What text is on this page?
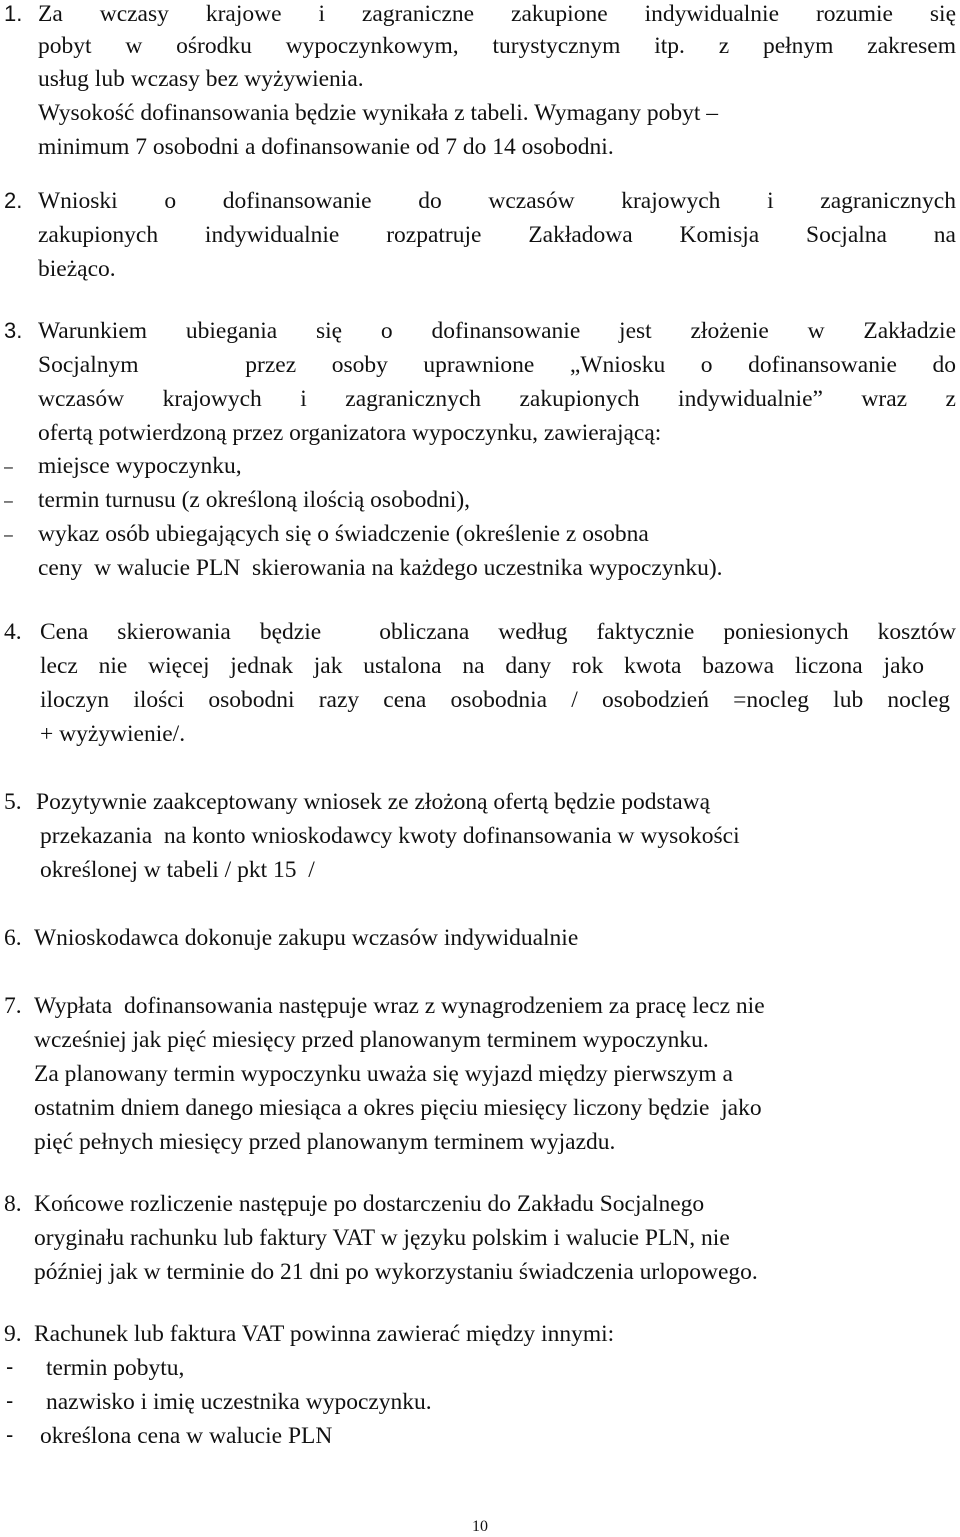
1. Za wczasy krajowe i zagraniczne zakupione indywidualnie rozumie się
pobyt w ośrodku wypoczynkowym, turystycznym itp. z pełnym zakresem
usług lub wczasy bez wyżywienia.
Wysokość dofinansowania będzie wynikała z tabeli. Wymagany pobyt –
minimum 7 osobodni a dofinansowanie od 7 do 14 osobodni.
2. Wnioski o dofinansowanie do wczasów krajowych i zagranicznych
zakupionych indywidualnie rozpatruje Zakładowa Komisja Socjalna na
bieżąco.
3. Warunkiem ubiegania się o dofinansowanie jest złożenie w Zakładzie
Socjalnym   przez osoby uprawnione „Wniosku o dofinansowanie do
wczasów krajowych i zagranicznych zakupionych indywidualnie” wraz z
ofertą potwierdzoną przez organizatora wypoczynku, zawierającą:
– miejsce wypoczynku,
– termin turnusu (z określoną ilością osobodni),
– wykaz osób ubiegających się o świadczenie (określenie z osobna
ceny  w walucie PLN  skierowania na każdego uczestnika wypoczynku).
4. Cena skierowania będzie  obliczana według faktycznie poniesionych kosztów
lecz nie więcej jednak jak ustalona na dany rok kwota bazowa liczona jako
iloczyn ilości osobodni razy cena osobodnia / osobodzień =nocleg lub nocleg
+ wyżywienie/.
5. Pozytywnie zaakceptowany wniosek ze złożoną ofertą będzie podstawą
przekazania  na konto wnioskodawcy kwoty dofinansowania w wysokości
określonej w tabeli / pkt 15  /
6. Wnioskodawca dokonuje zakupu wczasów indywidualnie
7. Wypłata  dofinansowania następuje wraz z wynagrodzeniem za pracę lecz nie
wcześniej jak pięć miesięcy przed planowanym terminem wypoczynku.
Za planowany termin wypoczynku uważa się wyjazd między pierwszym a
ostatnim dniem danego miesiąca a okres pięciu miesięcy liczony będzie  jako
pięć pełnych miesięcy przed planowanym terminem wyjazdu.
8. Końcowe rozliczenie następuje po dostarczeniu do Zakładu Socjalnego
oryginału rachunku lub faktury VAT w języku polskim i walucie PLN, nie
później jak w terminie do 21 dni po wykorzystaniu świadczenia urlopowego.
9. Rachunek lub faktura VAT powinna zawierać między innymi:
- termin pobytu,
- nazwisko i imię uczestnika wypoczynku.
- określona cena w walucie PLN
10
